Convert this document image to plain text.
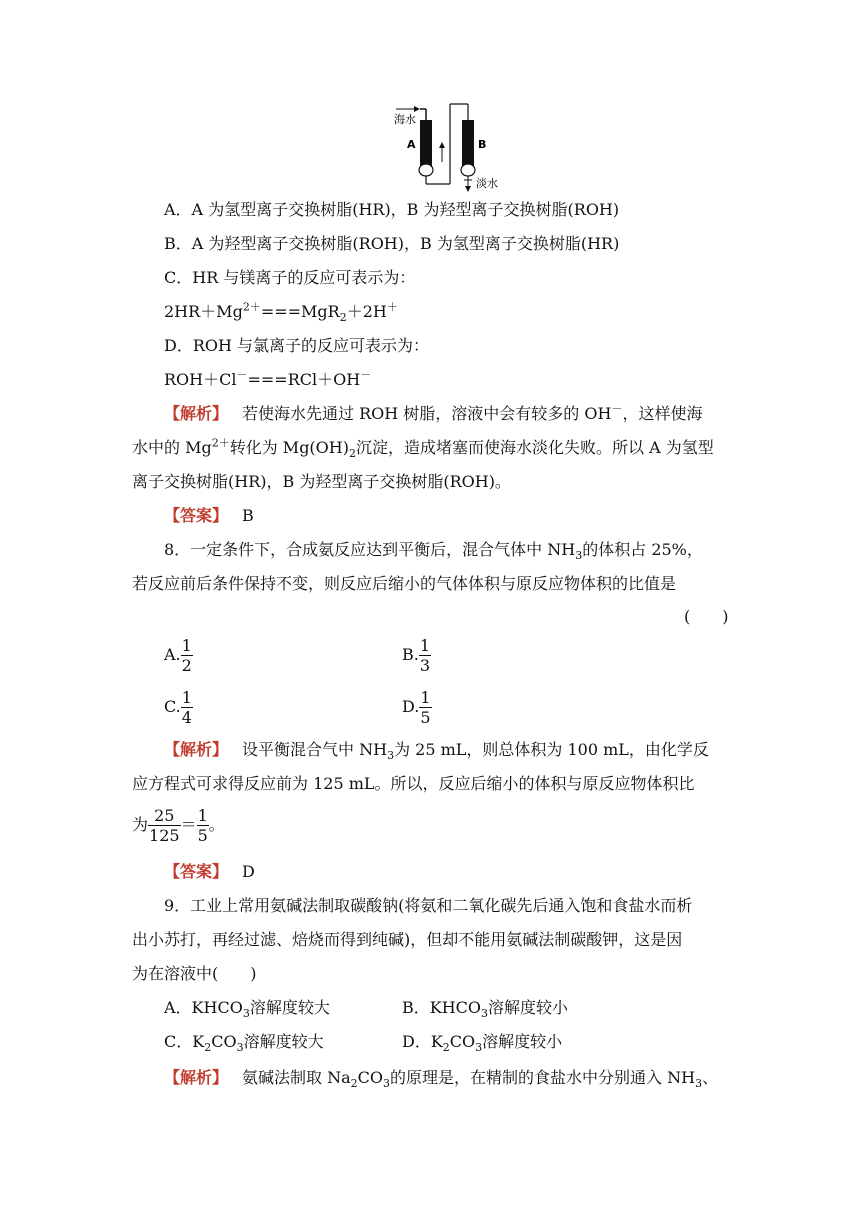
海水
A	B
淡水
A．A 为氢型离子交换树脂(HR)，B 为羟型离子交换树脂(ROH)
B．A 为羟型离子交换树脂(ROH)，B 为氢型离子交换树脂(HR)
C．HR 与镁离子的反应可表示为：
$2HR+Mg^{2+}===MgR_2+2H^+$
D．ROH 与氯离子的反应可表示为：
ROH＋Cl－===RCl＋OH－
【解析】 若使海水先通过 ROH 树脂，溶液中会有较多的 OH－，这样使海
水中的 $Mg^{2+}$转化为 $Mg(OH)_2$沉淀，造成堵塞而使海水淡化失败。所以 A 为氢型
离子交换树脂(HR)，B 为羟型离子交换树脂(ROH)。
【答案】 B
8．一定条件下，合成氨反应达到平衡后，混合气体中 $NH_3$的体积占 25%，
若反应前后条件保持不变，则反应后缩小的气体体积与原反应物体积的比值是
(　　)
A. $\frac{1}{2}$	B. $\frac{1}{3}$
C. $\frac{1}{4}$	D. $\frac{1}{5}$
【解析】 设平衡混合气中 $NH_3$为 25 mL，则总体积为 100 mL，由化学反
应方程式可求得反应前为 125 mL。所以，反应后缩小的体积与原反应物体积比
为 $\frac{25}{125} = \frac{1}{5}$ 。
【答案】 D
9．工业上常用氨碱法制取碳酸钠(将氨和二氧化碳先后通入饱和食盐水而析
出小苏打，再经过滤、焙烧而得到纯碱)，但却不能用氨碱法制碳酸钾，这是因
为在溶液中(　　)
A．$KHCO_3$溶解度较大	B．$KHCO_3$溶解度较小
C．$K_2CO_3$溶解度较大	D．$K_2CO_3$溶解度较小
【解析】 氨碱法制取 $Na_2CO_3$的原理是，在精制的食盐水中分别通入 $NH_3$、
